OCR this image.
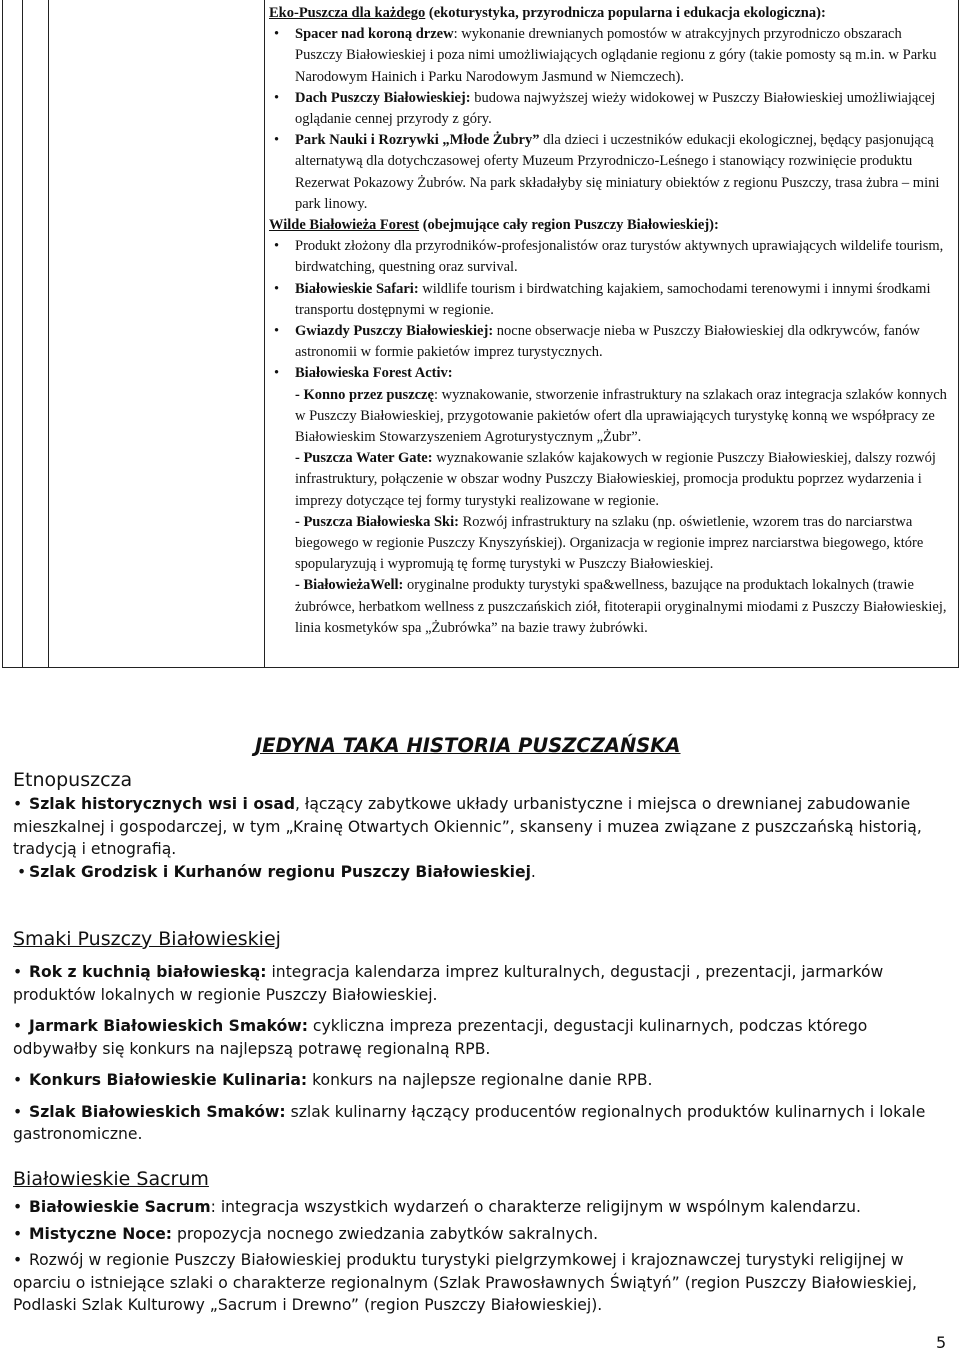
Eko-Puszcza dla każdego (ekoturystyka, przyrodnicza popularna i edukacja ekologiczna):

• Spacer nad koroną drzew: wykonanie drewnianych pomostów w atrakcyjnych przyrodniczo obszarach Puszczy Białowieskiej i poza nimi umożliwiających oglądanie regionu z góry (takie pomosty są m.in. w Parku Narodowym Hainich i Parku Narodowym Jasmund w Niemczech).
• Dach Puszczy Białowieskiej: budowa najwyższej wieży widokowej w Puszczy Białowieskiej umożliwiającej oglądanie cennej przyrody z góry.
• Park Nauki i Rozrywki „Młode Żubry” dla dzieci i uczestników edukacji ekologicznej, będący pasjonującą alternatywą dla dotychczasowej oferty Muzeum Przyrodniczo-Leśnego i stanowiący rozwinięcie produktu Rezerwat Pokazowy Żubrów. Na park składałyby się miniatury obiektów z regionu Puszczy, trasa żubra – mini park linowy.

Wilde Białowieża Forest (obejmujące cały region Puszczy Białowieskiej):

• Produkt złożony dla przyrodników-profesjonalistów oraz turystów aktywnych uprawiających wildelife tourism, birdwatching, questning oraz survival.
• Białowieskie Safari: wildlife tourism i birdwatching kajakiem, samochodami terenowymi i innymi środkami transportu dostępnymi w regionie.
• Gwiazdy Puszczy Białowieskiej: nocne obserwacje nieba w Puszczy Białowieskiej dla odkrywców, fanów astronomii w formie pakietów imprez turystycznych.
• Białowieska Forest Activ:
- Konno przez puszczę: wyznakowanie, stworzenie infrastruktury na szlakach oraz integracja szlaków konnych w Puszczy Białowieskiej, przygotowanie pakietów ofert dla uprawiających turystykę konną we współpracy ze Białowieskim Stowarzyszeniem Agroturystycznym „Żubr”.
- Puszcza Water Gate: wyznakowanie szlaków kajakowych w regionie Puszczy Białowieskiej, dalszy rozwój infrastruktury, połączenie w obszar wodny Puszczy Białowieskiej, promocja produktu poprzez wydarzenia i imprezy dotyczące tej formy turystyki realizowane w regionie.
- Puszcza Białowieska Ski: Rozwój infrastruktury na szlaku (np. oświetlenie, wzorem tras do narciarstwa biegowego w regionie Puszczy Knyszyńskiej). Organizacja w regionie imprez narciarstwa biegowego, które spopularyzują i wypromują tę formę turystyki w Puszczy Białowieskiej.
- BiałowieżaWell: oryginalne produkty turystyki spa&wellness, bazujące na produktach lokalnych (trawie żubrówce, herbatkom wellness z puszczańskich ziół, fitoterapii oryginalnymi miodami z Puszczy Białowieskiej, linia kosmetyków spa „Żubrówka” na bazie trawy żubrówki.
JEDYNA TAKA HISTORIA PUSZCZAŃSKA

Etnopuszcza

• Szlak historycznych wsi i osad, łączący zabytkowe układy urbanistyczne i miejsca o drewnianej zabudowanie mieszkalnej i gospodarczej, w tym „Krainę Otwartych Okiennic”, skanseny i muzea związane z puszczańską historią, tradycją i etnografią.

• Szlak Grodzisk i Kurhanów regionu Puszczy Białowieskiej.

Smaki Puszczy Białowieskiej

• Rok z kuchnią białowieską: integracja kalendarza imprez kulturalnych, degustacji , prezentacji, jarmarków produktów lokalnych w regionie Puszczy Białowieskiej.

• Jarmark Białowieskich Smaków: cykliczna impreza prezentacji, degustacji kulinarnych, podczas którego odbywałby się konkurs na najlepszą potrawę regionalną RPB.

• Konkurs Białowieskie Kulinaria: konkurs na najlepsze regionalne danie RPB.

• Szlak Białowieskich Smaków: szlak kulinarny łączący producentów regionalnych produktów kulinarnych i lokale gastronomiczne.

Białowieskie Sacrum

• Białowieskie Sacrum: integracja wszystkich wydarzeń o charakterze religijnym w wspólnym kalendarzu.

• Mistyczne Noce: propozycja nocnego zwiedzania zabytków sakralnych.

• Rozwój w regionie Puszczy Białowieskiej produktu turystyki pielgrzymkowej i krajoznawczej turystyki religijnej w oparciu o istniejące szlaki o charakterze regionalnym (Szlak Prawosławnych Świątyń” (region Puszczy Białowieskiej, Podlaski Szlak Kulturowy „Sacrum i Drewno” (region Puszczy Białowieskiej).

5
